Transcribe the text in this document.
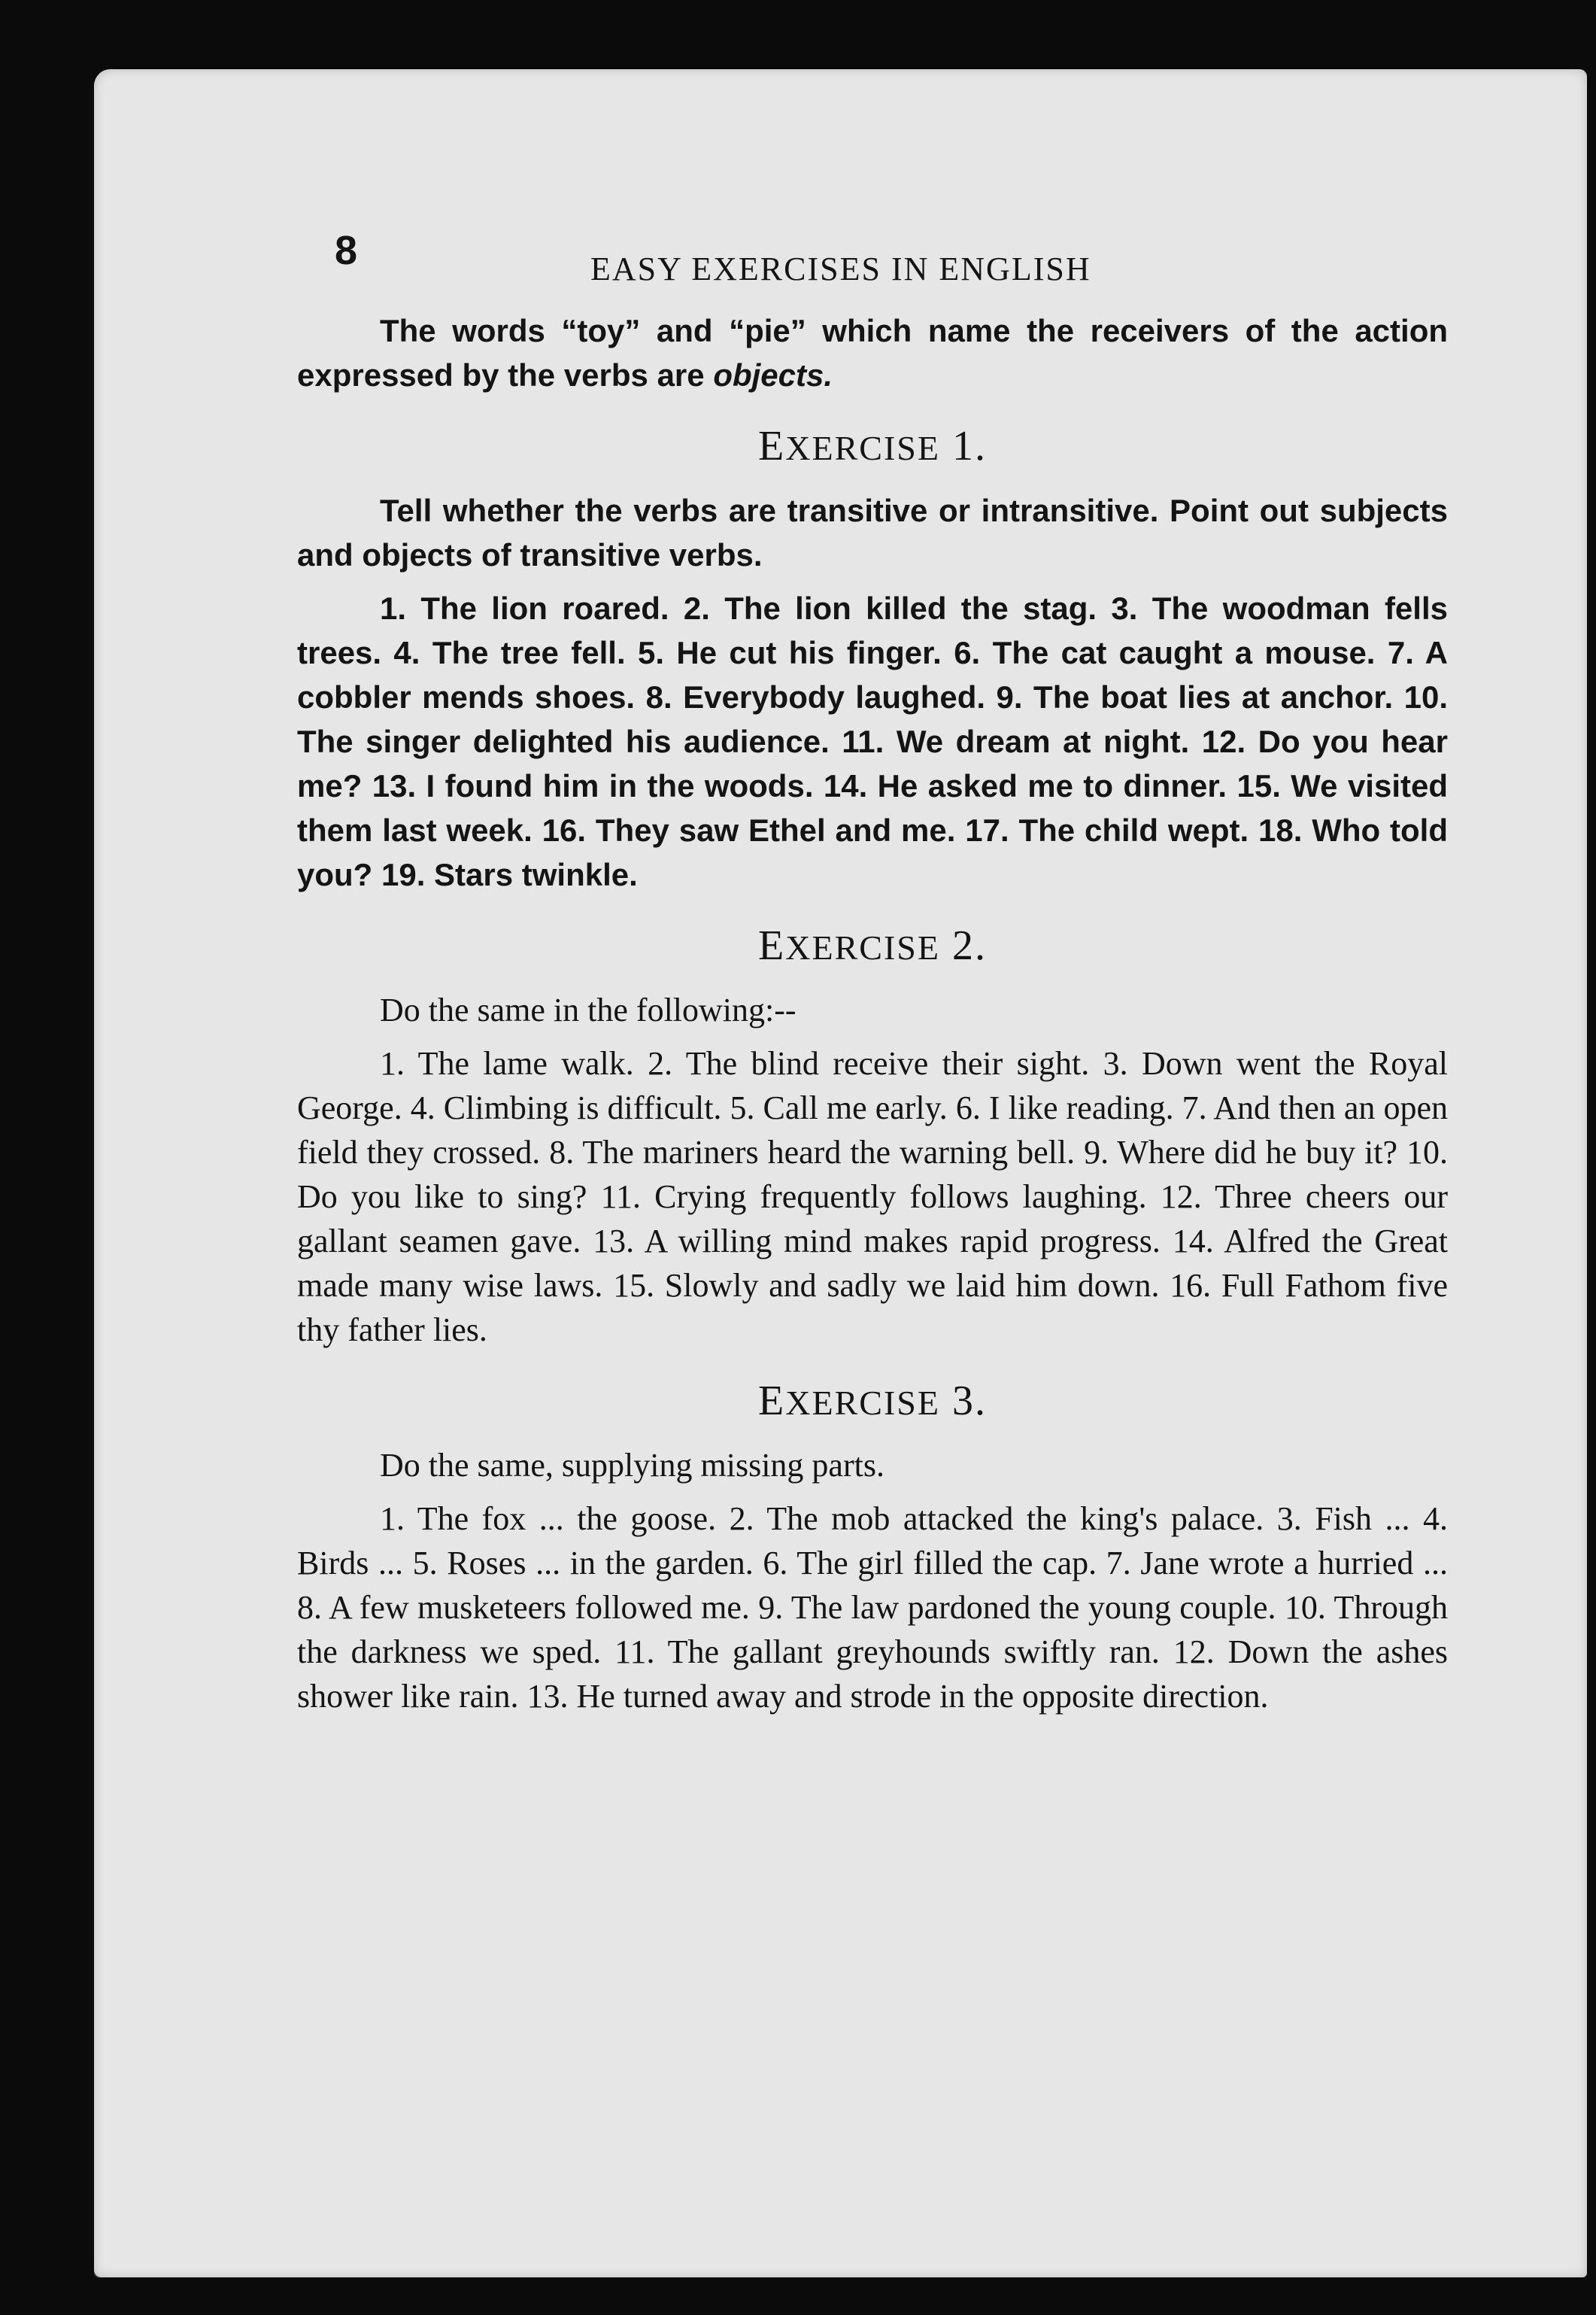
8	EASY EXERCISES IN ENGLISH

The words “toy” and “pie” which name the receivers of the action expressed by the verbs are objects.

EXERCISE 1.

Tell whether the verbs are transitive or intransitive. Point out subjects and objects of transitive verbs.

1. The lion roared. 2. The lion killed the stag. 3. The woodman fells trees. 4. The tree fell. 5. He cut his finger. 6. The cat caught a mouse. 7. A cobbler mends shoes. 8. Everybody laughed. 9. The boat lies at anchor. 10. The singer delighted his audience. 11. We dream at night. 12. Do you hear me? 13. I found him in the woods. 14. He asked me to dinner. 15. We visited them last week. 16. They saw Ethel and me. 17. The child wept. 18. Who told you? 19. Stars twinkle.

EXERCISE 2.

Do the same in the following:--

1. The lame walk. 2. The blind receive their sight. 3. Down went the Royal George. 4. Climbing is difficult. 5. Call me early. 6. I like reading. 7. And then an open field they crossed. 8. The mariners heard the warning bell. 9. Where did he buy it? 10. Do you like to sing? 11. Crying frequently follows laughing. 12. Three cheers our gallant seamen gave. 13. A willing mind makes rapid progress. 14. Alfred the Great made many wise laws. 15. Slowly and sadly we laid him down. 16. Full Fathom five thy father lies.

EXERCISE 3.

Do the same, supplying missing parts.

1. The fox ... the goose. 2. The mob attacked the king's palace. 3. Fish ... 4. Birds ... 5. Roses ... in the garden. 6. The girl filled the cap. 7. Jane wrote a hurried ... 8. A few musketeers followed me. 9. The law pardoned the young couple. 10. Through the darkness we sped. 11. The gallant greyhounds swiftly ran. 12. Down the ashes shower like rain. 13. He turned away and strode in the opposite direction.
